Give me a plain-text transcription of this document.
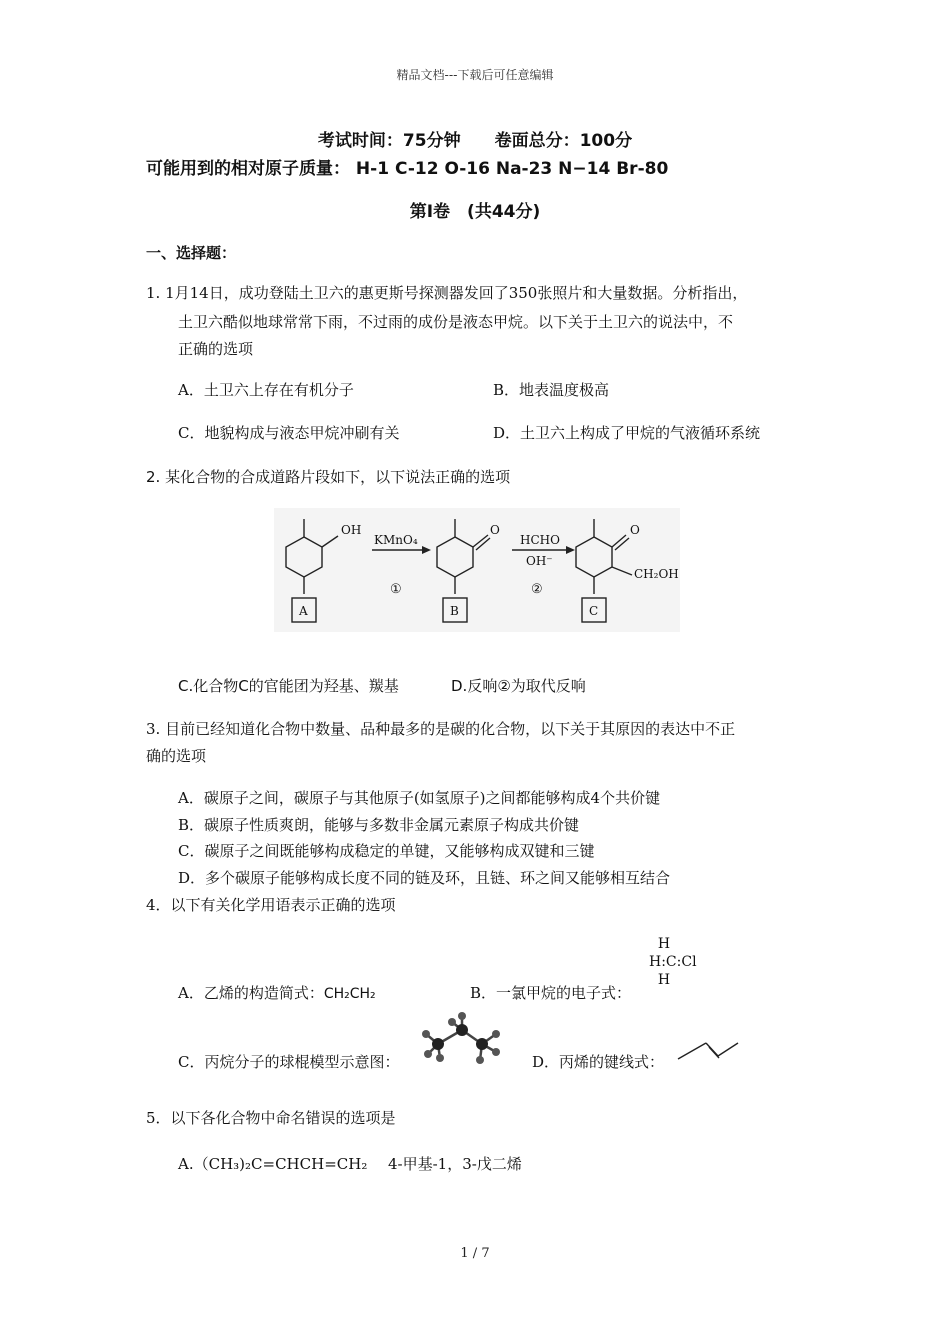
精品文档---下载后可任意编辑
考试时间：75分钟　　卷面总分：100分
可能用到的相对原子质量： H-1 C-12 O-16 Na-23 N−14 Br-80
第Ⅰ卷　(共44分)
一、选择题：
1. 1月14日，成功登陆土卫六的惠更斯号探测器发回了350张照片和大量数据。分析指出，
土卫六酷似地球常常下雨，不过雨的成份是液态甲烷。以下关于土卫六的说法中，不
正确的选项
A．土卫六上存在有机分子	B．地表温度极高
C．地貌构成与液态甲烷冲刷有关	D．土卫六上构成了甲烷的气液循环系统
2. 某化合物的合成道路片段如下，以下说法正确的选项
OH	O	O
KMnO₄
①
HCHO
OH⁻
②
CH₂OH
A	B	C
C.化合物C的官能团为羟基、羰基	D.反响②为取代反响
3. 目前已经知道化合物中数量、品种最多的是碳的化合物，以下关于其原因的表达中不正
确的选项
A．碳原子之间，碳原子与其他原子(如氢原子)之间都能够构成4个共价键
B．碳原子性质爽朗，能够与多数非金属元素原子构成共价键
C．碳原子之间既能够构成稳定的单键，又能够构成双键和三键
D．多个碳原子能够构成长度不同的链及环，且链、环之间又能够相互结合
4．以下有关化学用语表示正确的选项
A．乙烯的构造简式：CH₂CH₂	B．一氯甲烷的电子式：
H
H:C:Cl
H
C．丙烷分子的球棍模型示意图：	D．丙烯的键线式：
5．以下各化合物中命名错误的选项是
A.（CH₃)₂C=CHCH=CH₂ 4-甲基-1，3-戊二烯
1 / 7
